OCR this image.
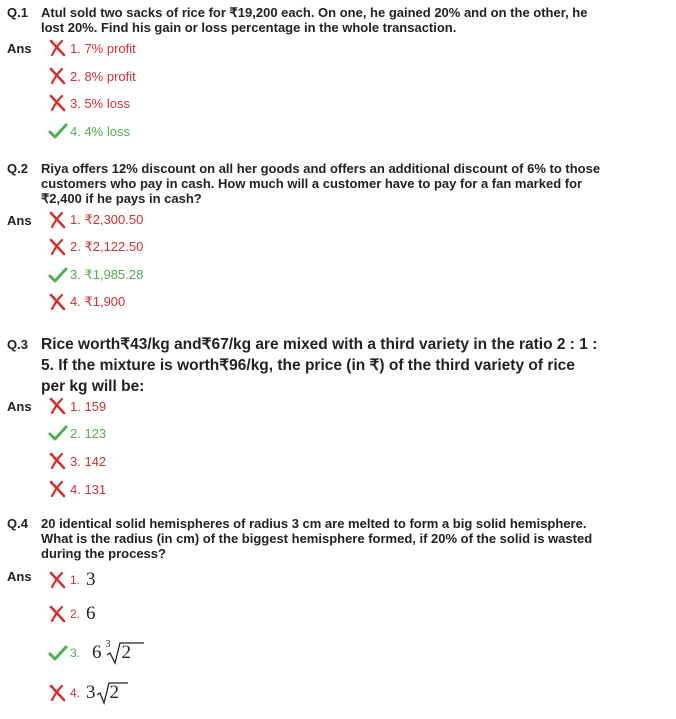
Q.1 Atul sold two sacks of rice for ₹19,200 each. On one, he gained 20% and on the other, he lost 20%. Find his gain or loss percentage in the whole transaction.
Ans	1. 7% profit
2. 8% profit
3. 5% loss
4. 4% loss
Q.2 Riya offers 12% discount on all her goods and offers an additional discount of 6% to those customers who pay in cash. How much will a customer have to pay for a fan marked for ₹2,400 if he pays in cash?
Ans	1. ₹2,300.50
2. ₹2,122.50
3. ₹1,985.28
4. ₹1,900
Q.3 Rice worth₹43/kg and₹67/kg are mixed with a third variety in the ratio 2 : 1 : 5. If the mixture is worth₹96/kg, the price (in ₹) of the third variety of rice per kg will be:
Ans	1. 159
2. 123
3. 142
4. 131
Q.4 20 identical solid hemispheres of radius 3 cm are melted to form a big solid hemisphere. What is the radius (in cm) of the biggest hemisphere formed, if 20% of the solid is wasted during the process?
Ans	1. 3
2. 6
3. 6 3 2
4. 3 2
